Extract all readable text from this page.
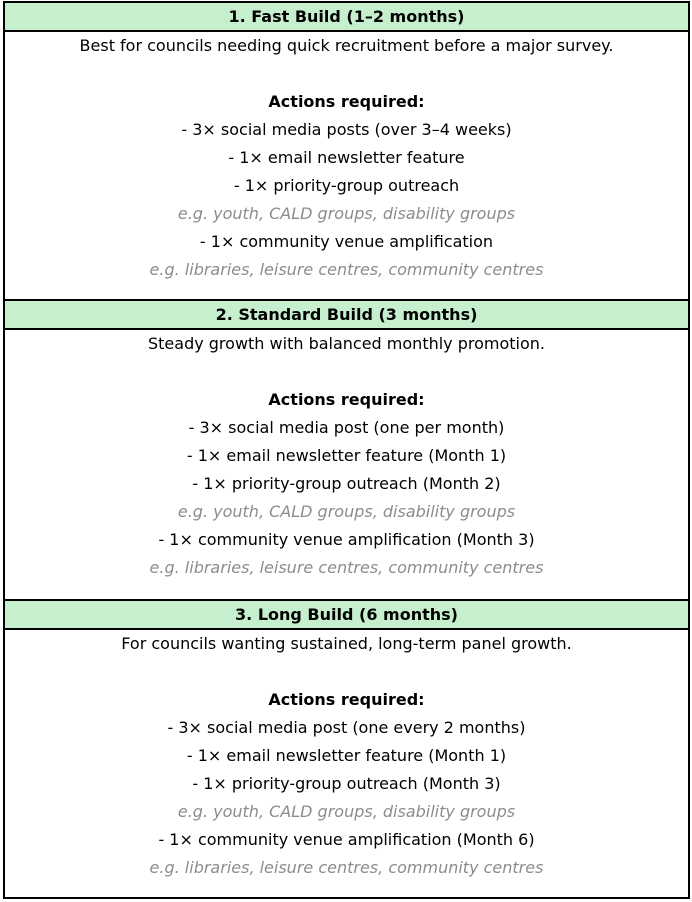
1. Fast Build (1–2 months)
Best for councils needing quick recruitment before a major survey.
Actions required:
- 3× social media posts (over 3–4 weeks)
- 1× email newsletter feature
- 1× priority-group outreach
e.g. youth, CALD groups, disability groups
- 1× community venue amplification
e.g. libraries, leisure centres, community centres
2. Standard Build (3 months)
Steady growth with balanced monthly promotion.
Actions required:
- 3× social media post (one per month)
- 1× email newsletter feature (Month 1)
- 1× priority-group outreach (Month 2)
e.g. youth, CALD groups, disability groups
- 1× community venue amplification (Month 3)
e.g. libraries, leisure centres, community centres
3. Long Build (6 months)
For councils wanting sustained, long-term panel growth.
Actions required:
- 3× social media post (one every 2 months)
- 1× email newsletter feature (Month 1)
- 1× priority-group outreach (Month 3)
e.g. youth, CALD groups, disability groups
- 1× community venue amplification (Month 6)
e.g. libraries, leisure centres, community centres
